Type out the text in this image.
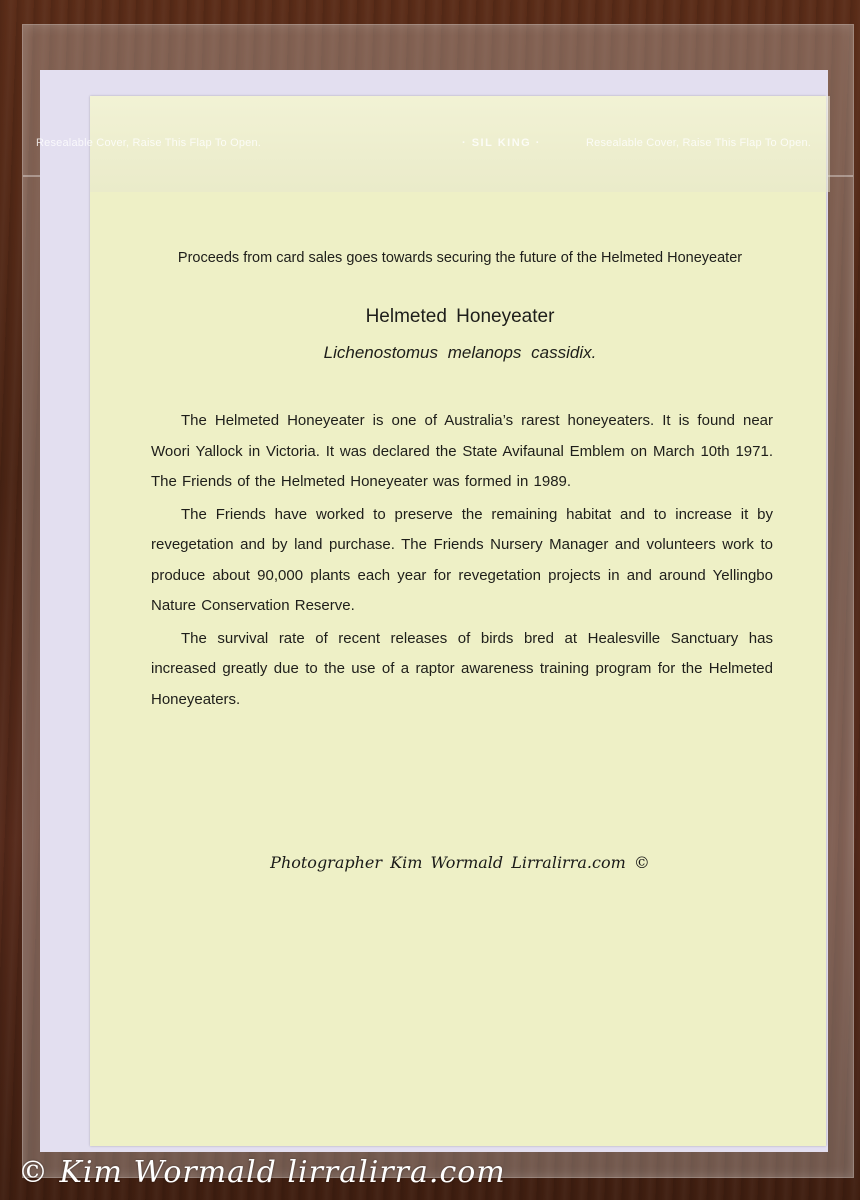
Resealable Cover, Raise This Flap To Open.	· SIL KING ·	Resealable Cover, Raise This Flap To Open.
Proceeds from card sales goes towards securing the future of the Helmeted Honeyeater
Helmeted Honeyeater
Lichenostomus melanops cassidix.

The Helmeted Honeyeater is one of Australia’s rarest honeyeaters. It is found near Woori Yallock in Victoria. It was declared the State Avifaunal Emblem on March 10th 1971. The Friends of the Helmeted Honeyeater was formed in 1989.

The Friends have worked to preserve the remaining habitat and to increase it by revegetation and by land purchase. The Friends Nursery Manager and volunteers work to produce about 90,000 plants each year for revegetation projects in and around Yellingbo Nature Conservation Reserve.

The survival rate of recent releases of birds bred at Healesville Sanctuary has increased greatly due to the use of a raptor awareness training program for the Helmeted Honeyeaters.

Photographer Kim Wormald Lirralirra.com ©
© Kim Wormald lirralirra.com
